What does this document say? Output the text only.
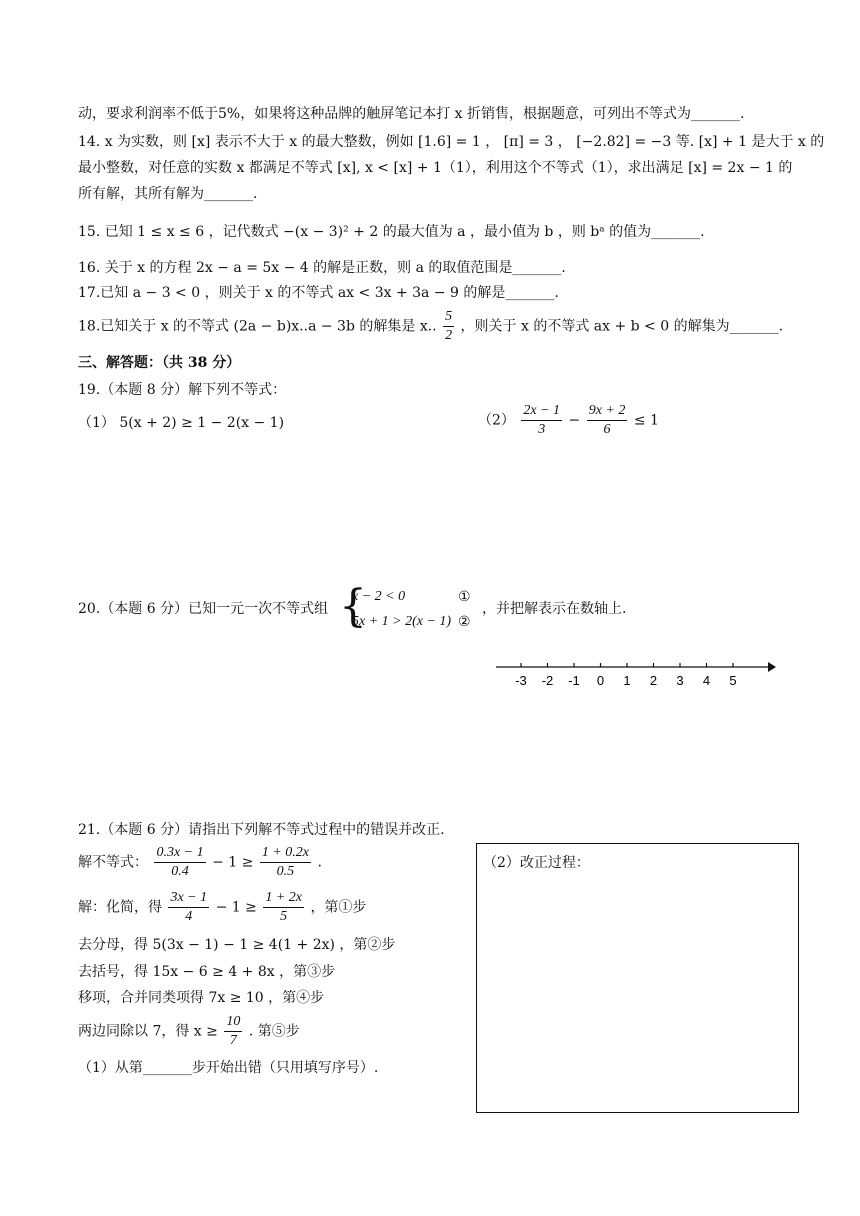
动，要求利润率不低于5%，如果将这种品牌的触屏笔记本打 x 折销售，根据题意，可列出不等式为_______.
14. x 为实数，则 [x] 表示不大于 x 的最大整数，例如 [1.6] = 1 ， [π] = 3 ， [−2.82] = −3 等. [x] + 1 是大于 x 的
最小整数，对任意的实数 x 都满足不等式 [x], x < [x] + 1（1），利用这个不等式（1），求出满足 [x] = 2x − 1 的
所有解，其所有解为_______.
15. 已知 1 ≤ x ≤ 6 ，记代数式 −(x − 3)² + 2 的最大值为 a ，最小值为 b ，则 bᵃ 的值为_______.
16. 关于 x 的方程 2x − a = 5x − 4 的解是正数，则 a 的取值范围是_______.
17.已知 a − 3 < 0 ，则关于 x 的不等式 ax < 3x + 3a − 9 的解是_______.
18.已知关于 x 的不等式 (2a − b)x..a − 3b 的解集是 x.. $\frac{5}{2}$ ，则关于 x 的不等式 ax + b < 0 的解集为_______.
三、解答题：（共 38 分）
19.（本题 8 分）解下列不等式：
（1） 5(x + 2) ≥ 1 − 2(x − 1)	$(2) \frac{2x - 1}{3} - \frac{9x + 2}{6} \le 1$
20.（本题 6 分）已知一元一次不等式组 {
x − 2 < 0
5x + 1 > 2(x − 1)
①
②
，并把解表示在数轴上.
-3 -2 -1 0 1 2 3 4 5
21.（本题 6 分）请指出下列解不等式过程中的错误并改正.
解不等式： $\frac{0.3x - 1}{0.4} - 1 \ge \frac{1 + 0.2x}{0.5}$ .
解：化简，得 $\frac{3x - 1}{4} - 1 \ge \frac{1 + 2x}{5}$ ，第①步
去分母，得 5(3x − 1) − 1 ≥ 4(1 + 2x) ，第②步
去括号，得 15x − 6 ≥ 4 + 8x ，第③步
移项，合并同类项得 7x ≥ 10 ，第④步
两边同除以 7，得 $x \ge \frac{10}{7}$ . 第⑤步
（1）从第_______步开始出错（只用填写序号）.
（2）改正过程：
